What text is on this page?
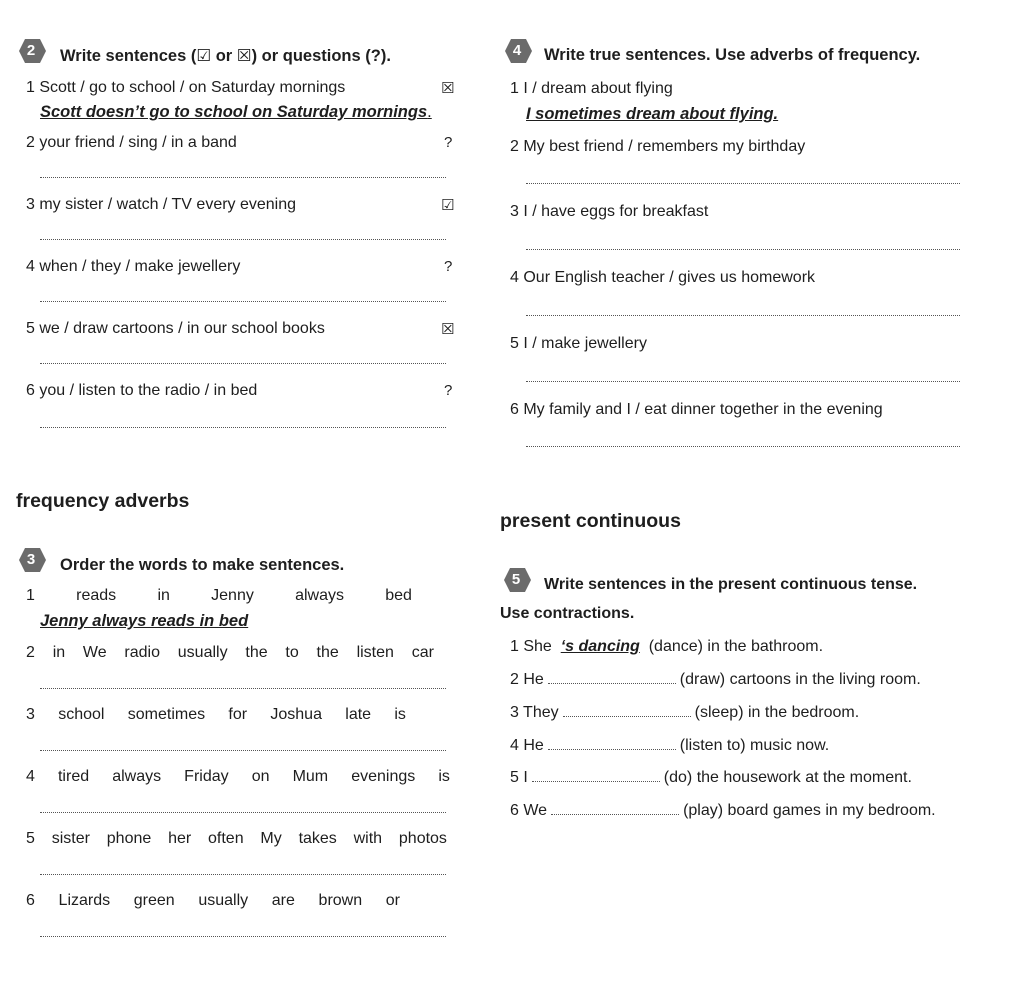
2	Write sentences (☑ or ☒) or questions (?).
1 Scott / go to school / on Saturday mornings	☒
Scott doesn’t go to school on Saturday mornings.
2 your friend / sing / in a band	?
3 my sister / watch / TV every evening	☑
4 when / they / make jewellery	?
5 we / draw cartoons / in our school books	☒
6 you / listen to the radio / in bed	?
4	Write true sentences. Use adverbs of frequency.
1 I / dream about flying
I sometimes dream about flying.
2 My best friend / remembers my birthday
3 I / have eggs for breakfast
4 Our English teacher / gives us homework
5 I / make jewellery
6 My family and I / eat dinner together in the evening
frequency adverbs
present continuous
3	Order the words to make sentences.
1	reads	in	Jenny	always	bed
Jenny always reads in bed
2 in We radio usually the to the listen car
3 school sometimes for Joshua late is
4 tired always Friday on Mum evenings is
5 sister phone her often My takes with photos
6 Lizards green usually are brown or
5	Write sentences in the present continuous tense.
Use contractions.
1 She ‘s dancing (dance) in the bathroom.
2 He	(draw) cartoons in the living room.
3 They	(sleep) in the bedroom.
4 He	(listen to) music now.
5 I	(do) the housework at the moment.
6 We	(play) board games in my bedroom.
